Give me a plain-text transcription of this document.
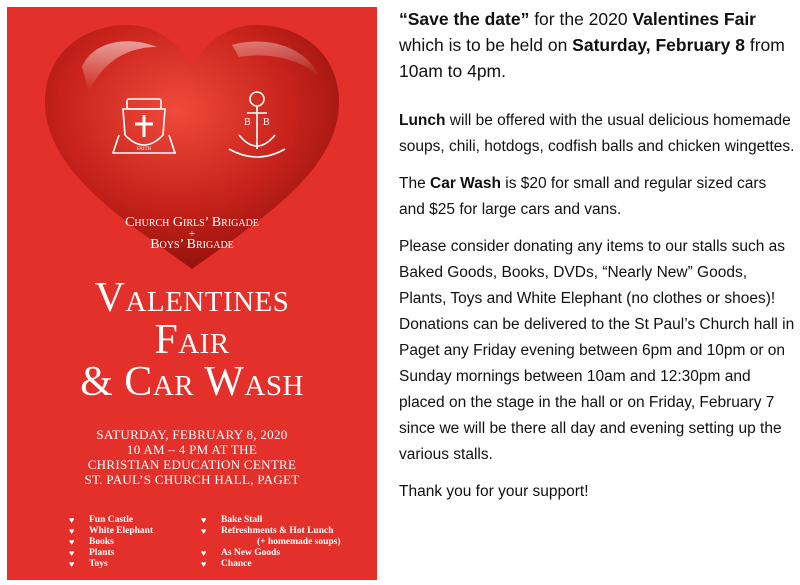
FAITH
B B
Church Girls’ Brigade
+
Boys’ Brigade
Valentines
Fair
& Car Wash
SATURDAY, FEBRUARY 8, 2020
10 AM – 4 PM AT THE
CHRISTIAN EDUCATION CENTRE
ST. PAUL’S CHURCH HALL, PAGET
♥ Fun Castle
♥ White Elephant
♥ Books
♥ Plants
♥ Toys
♥ Bake Stall
♥ Refreshments & Hot Lunch
(+ homemade soups)
♥ As New Goods
♥ Chance

“Save the date” for the 2020 Valentines Fair which is to be held on Saturday, February 8 from 10am to 4pm.

Lunch will be offered with the usual delicious homemade soups, chili, hotdogs, codfish balls and chicken wingettes.

The Car Wash is $20 for small and regular sized cars and $25 for large cars and vans.

Please consider donating any items to our stalls such as Baked Goods, Books, DVDs, “Nearly New” Goods, Plants, Toys and White Elephant (no clothes or shoes)!

Donations can be delivered to the St Paul’s Church hall in Paget any Friday evening between 6pm and 10pm or on Sunday mornings between 10am and 12:30pm and placed on the stage in the hall or on Friday, February 7 since we will be there all day and evening setting up the various stalls.

Thank you for your support!
